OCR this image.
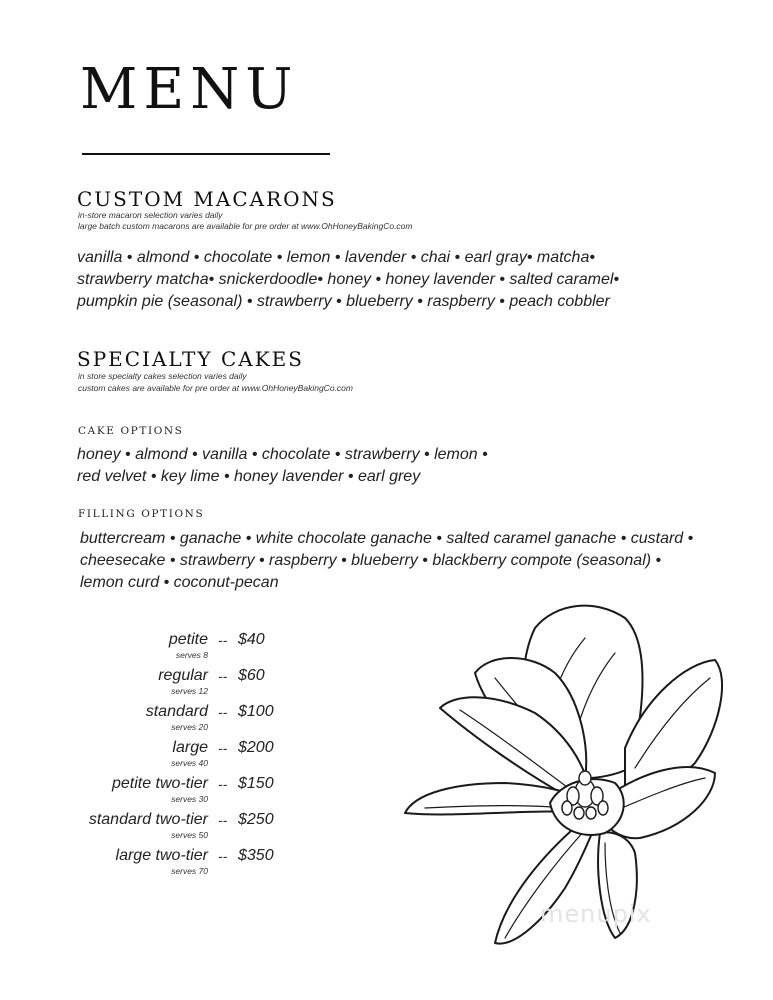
MENU
CUSTOM MACARONS
in-store macaron selection varies daily
large batch custom macarons are available for pre order at www.OhHoneyBakingCo.com
vanilla • almond • chocolate • lemon • lavender • chai • earl gray• matcha•
strawberry matcha• snickerdoodle• honey • honey lavender • salted caramel•
pumpkin pie (seasonal) • strawberry • blueberry • raspberry • peach cobbler
SPECIALTY CAKES
in store specialty cakes selection varies daily
custom cakes are available for pre order at www.OhHoneyBakingCo.com
CAKE OPTIONS
honey • almond • vanilla • chocolate • strawberry • lemon •
red velvet • key lime • honey lavender • earl grey
FILLING OPTIONS
buttercream • ganache • white chocolate ganache • salted caramel ganache • custard •
cheesecake • strawberry • raspberry • blueberry • blackberry compote (seasonal) •
lemon curd • coconut-pecan
petite
serves 8
-- $40
regular
serves 12
-- $60
standard
serves 20
-- $100
large
serves 40
-- $200
petite two-tier
serves 30
-- $150
standard two-tier
serves 50
-- $250
large two-tier
serves 70
-- $350
menupix
